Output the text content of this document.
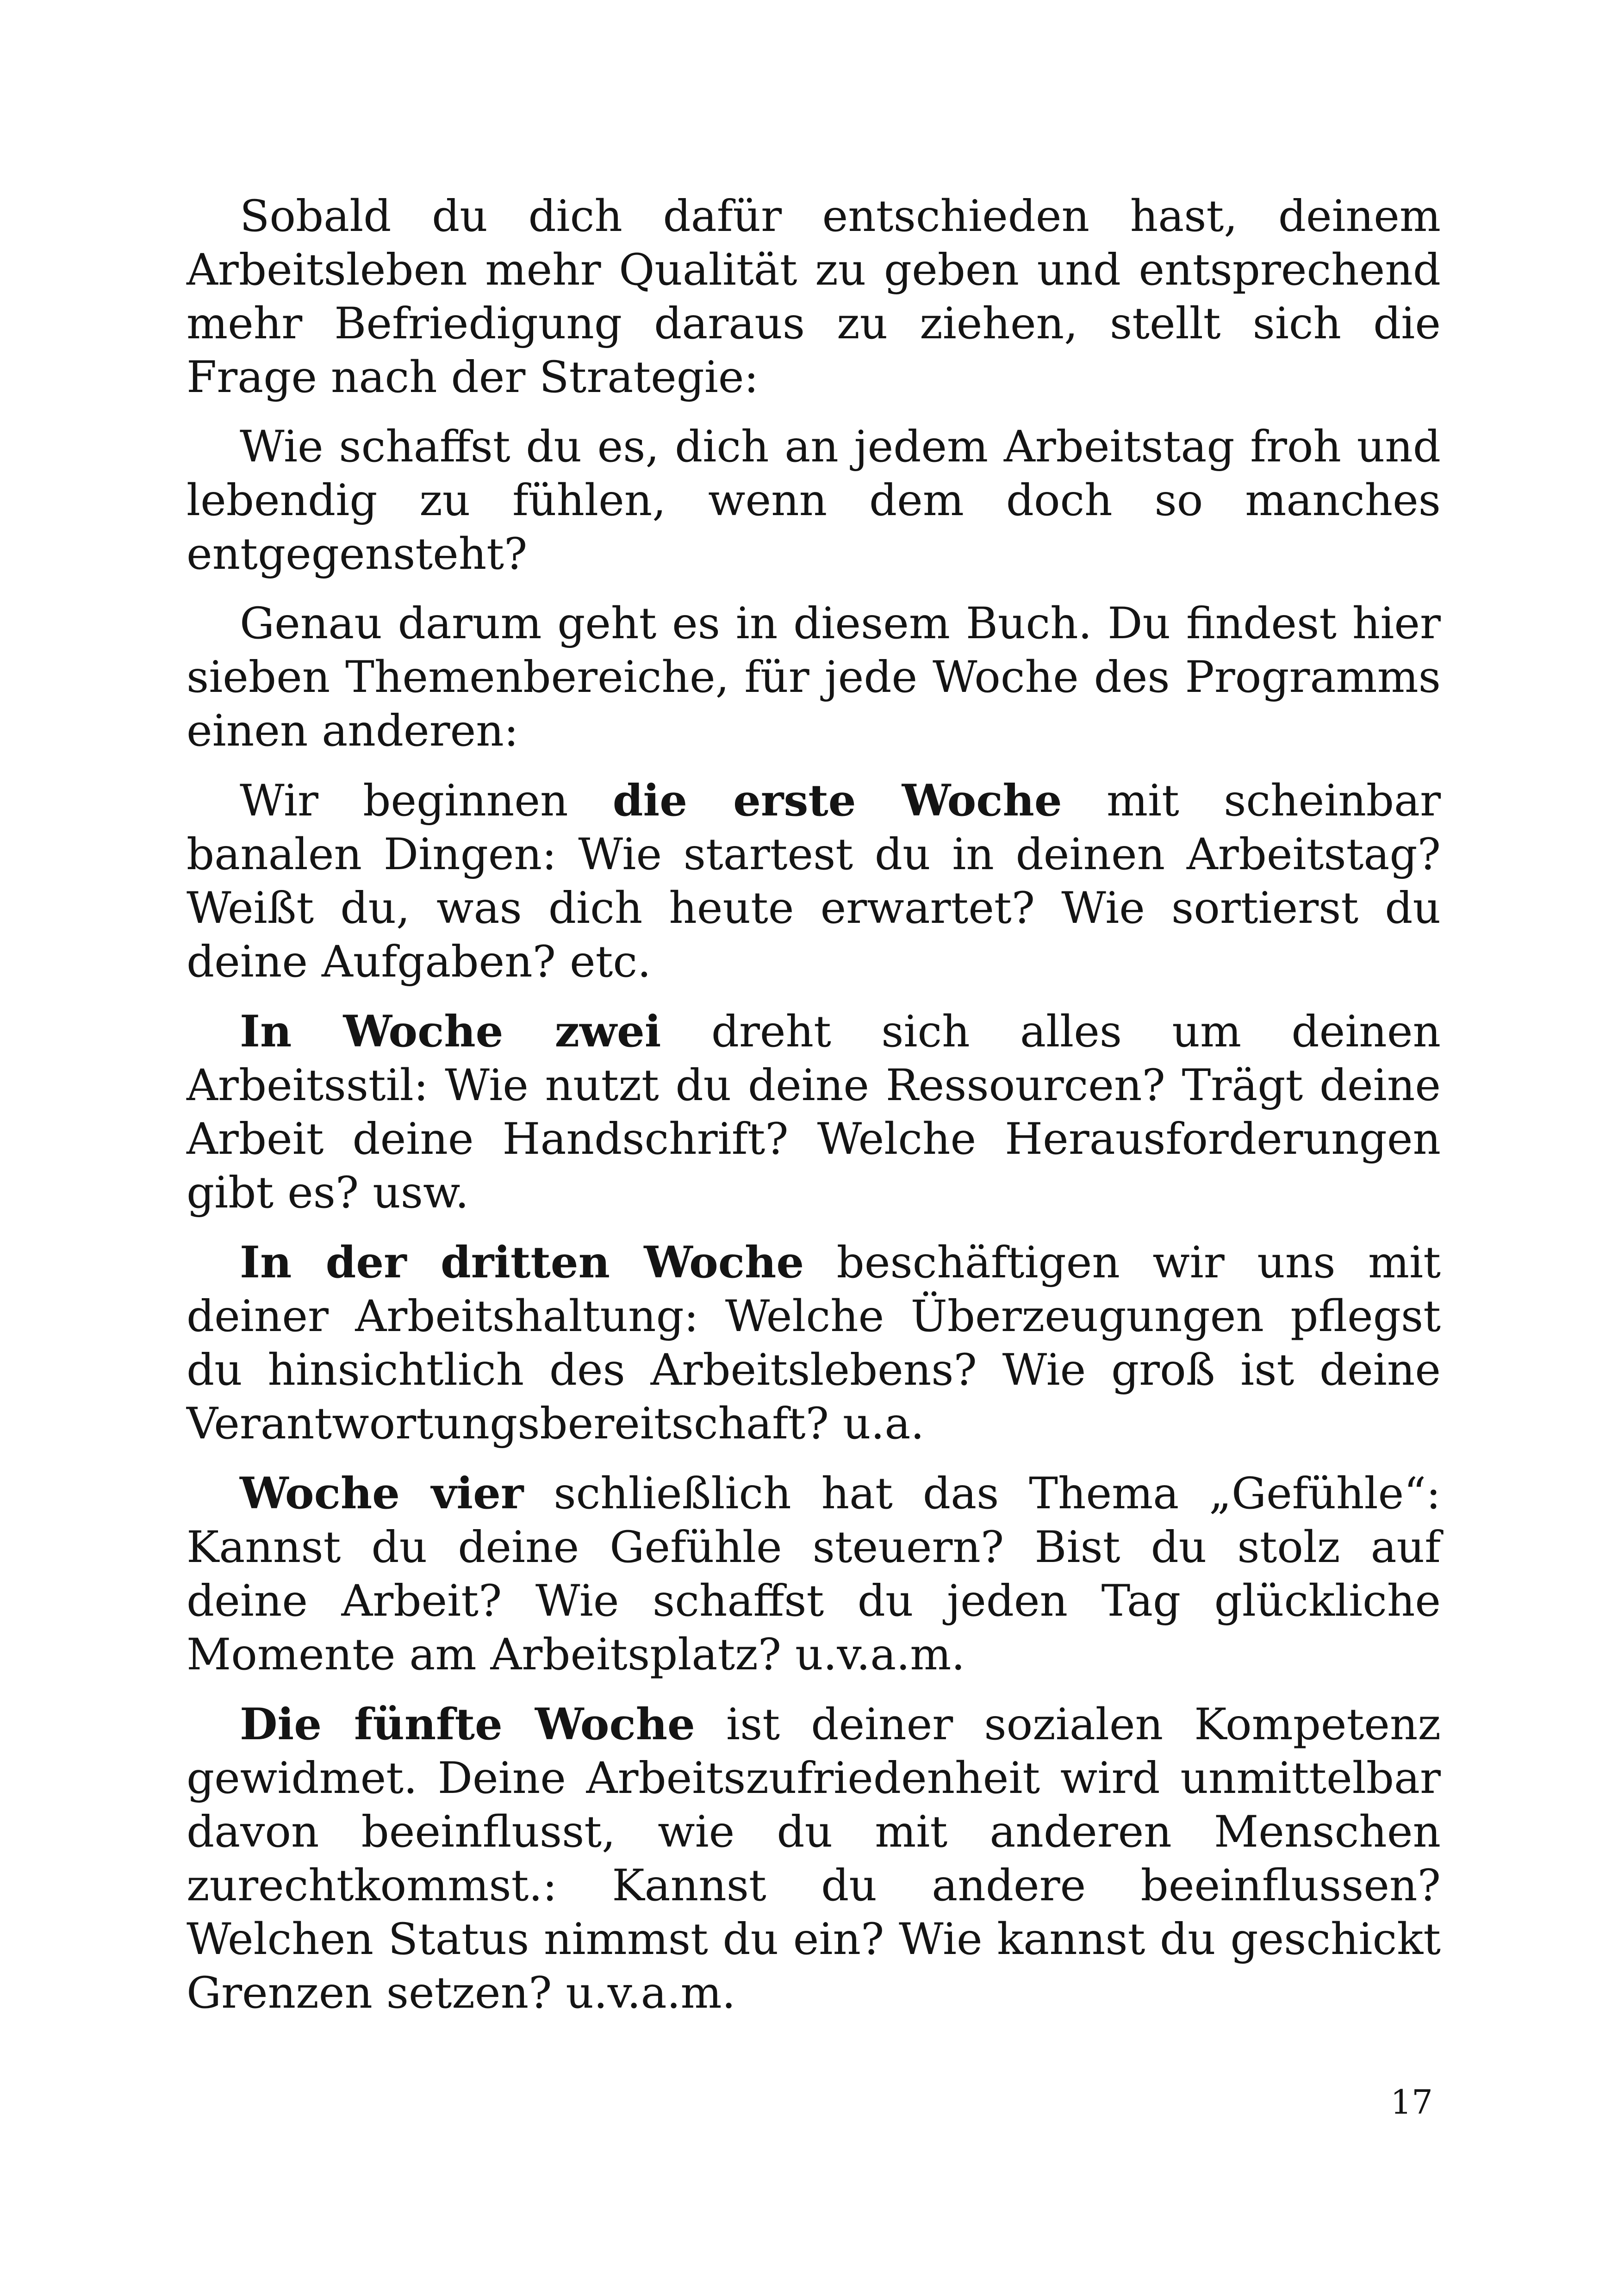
Sobald du dich dafür entschieden hast, deinem Arbeitsleben mehr Qualität zu geben und entsprechend mehr Befriedigung daraus zu ziehen, stellt sich die Frage nach der Strategie:

Wie schaffst du es, dich an jedem Arbeitstag froh und lebendig zu fühlen, wenn dem doch so manches entgegensteht?

Genau darum geht es in diesem Buch. Du findest hier sieben Themenbereiche, für jede Woche des Programms einen anderen:

Wir beginnen die erste Woche mit scheinbar banalen Dingen: Wie startest du in deinen Arbeitstag? Weißt du, was dich heute erwartet? Wie sortierst du deine Aufgaben? etc.

In Woche zwei dreht sich alles um deinen Arbeitsstil: Wie nutzt du deine Ressourcen? Trägt deine Arbeit deine Handschrift? Welche Herausforderungen gibt es? usw.

In der dritten Woche beschäftigen wir uns mit deiner Arbeitshaltung: Welche Überzeugungen pflegst du hinsichtlich des Arbeitslebens? Wie groß ist deine Verantwortungsbereitschaft? u.a.

Woche vier schließlich hat das Thema „Gefühle“: Kannst du deine Gefühle steuern? Bist du stolz auf deine Arbeit? Wie schaffst du jeden Tag glückliche Momente am Arbeitsplatz? u.v.a.m.

Die fünfte Woche ist deiner sozialen Kompetenz gewidmet. Deine Arbeitszufriedenheit wird unmittelbar davon beeinflusst, wie du mit anderen Menschen zurechtkommst.: Kannst du andere beeinflussen? Welchen Status nimmst du ein? Wie kannst du geschickt Grenzen setzen? u.v.a.m.

17
